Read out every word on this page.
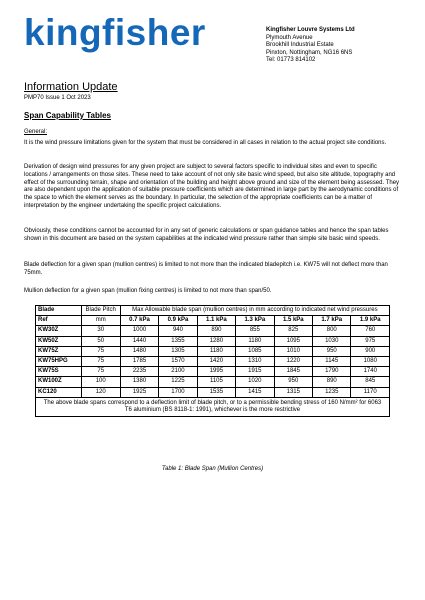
kingfisher	Kingfisher Louvre Systems Ltd
Plymouth Avenue
Brookhill Industrial Estate
Pinxton, Nottingham, NG16 6NS
Tel: 01773 814102
Information Update
PMP70 Issue 1 Oct 2023
Span Capability Tables
General:
It is the wind pressure limitations given for the system that must be considered in all cases in relation to the actual project site conditions.
Derivation of design wind pressures for any given project are subject to several factors specific to individual sites and even to specific locations / arrangements on those sites. These need to take account of not only site basic wind speed, but also site altitude, topography and effect of the surrounding terrain, shape and orientation of the building and height above ground and size of the element being assessed. They are also dependent upon the application of suitable pressure coefficients which are determined in large part by the aerodynamic conditions of the space to which the element serves as the boundary. In particular, the selection of the appropriate coefficients can be a matter of interpretation by the engineer undertaking the specific project calculations.
Obviously, these conditions cannot be accounted for in any set of generic calculations or span guidance tables and hence the span tables shown in this document are based on the system capabilities at the indicated wind pressure rather than simple site basic wind speeds.
Blade deflection for a given span (mullion centres) is limited to not more than the indicated bladepitch i.e. KW75 will not deflect more than 75mm.
Mullion deflection for a given span (mullion fixing centres) is limited to not more than span/50.
Blade	Blade Pitch	Max Allowable blade span (mullion centres) in mm according to indicated net wind pressures						
Ref	mm	0.7 kPa	0.9 kPa	1.1 kPa	1.3 kPa	1.5 kPa	1.7 kPa	1.9 kPa
KW30Z	30	1000	940	890	855	825	800	760
KW50Z	50	1440	1355	1280	1180	1095	1030	975
KW75Z	75	1480	1305	1180	1085	1010	950	900
KW75HPG	75	1785	1570	1420	1310	1220	1145	1080
KW75S	75	2235	2100	1995	1915	1845	1790	1740
KW100Z	100	1380	1225	1105	1020	950	890	845
KC120	120	1925	1700	1535	1415	1315	1235	1170
The above blade spans correspond to a deflection limit of blade pitch, or to a permissible bending stress of 160 N/mm² for 6063 T6 aluminium (BS 8118-1: 1991), whichever is the more restrictive								
Table 1: Blade Span (Mullion Centres)
